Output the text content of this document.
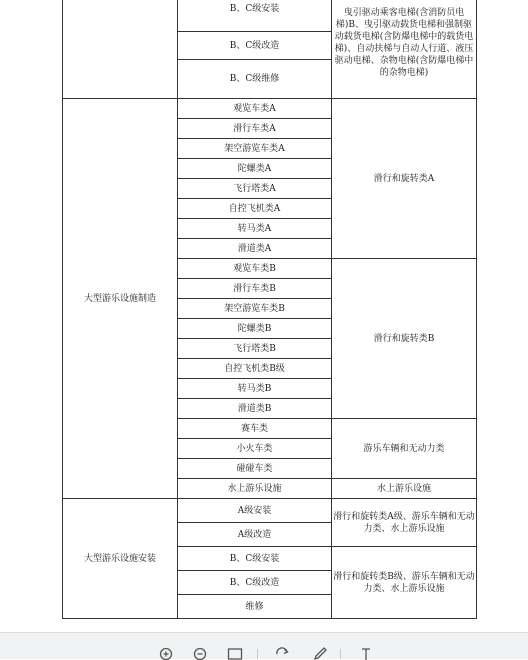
	B、C级安装	曳引驱动乘客电梯(含消防员电梯)B、曳引驱动载货电梯和强制驱动载货电梯(含防爆电梯中的载货电梯)、自动扶梯与自动人行道、液压驱动电梯、杂物电梯(含防爆电梯中的杂物电梯)
	B、C级改造	
	B、C级维修	
大型游乐设施制造	观览车类A	滑行和旋转类A
	滑行车类A	
	架空游览车类A	
	陀螺类A	
	飞行塔类A	
	自控飞机类A	
	转马类A	
	滑道类A	
	观览车类B	滑行和旋转类B
	滑行车类B	
	架空游览车类B	
	陀螺类B	
	飞行塔类B	
	自控飞机类B级	
	转马类B	
	滑道类B	
	赛车类	游乐车辆和无动力类
	小火车类	
	碰碰车类	
	水上游乐设施	水上游乐设施
大型游乐设施安装	A级安装	滑行和旋转类A级、游乐车辆和无动力类、水上游乐设施
	A级改造	
	B、C级安装	滑行和旋转类B级、游乐车辆和无动力类、水上游乐设施
	B、C级改造	
	维修	
